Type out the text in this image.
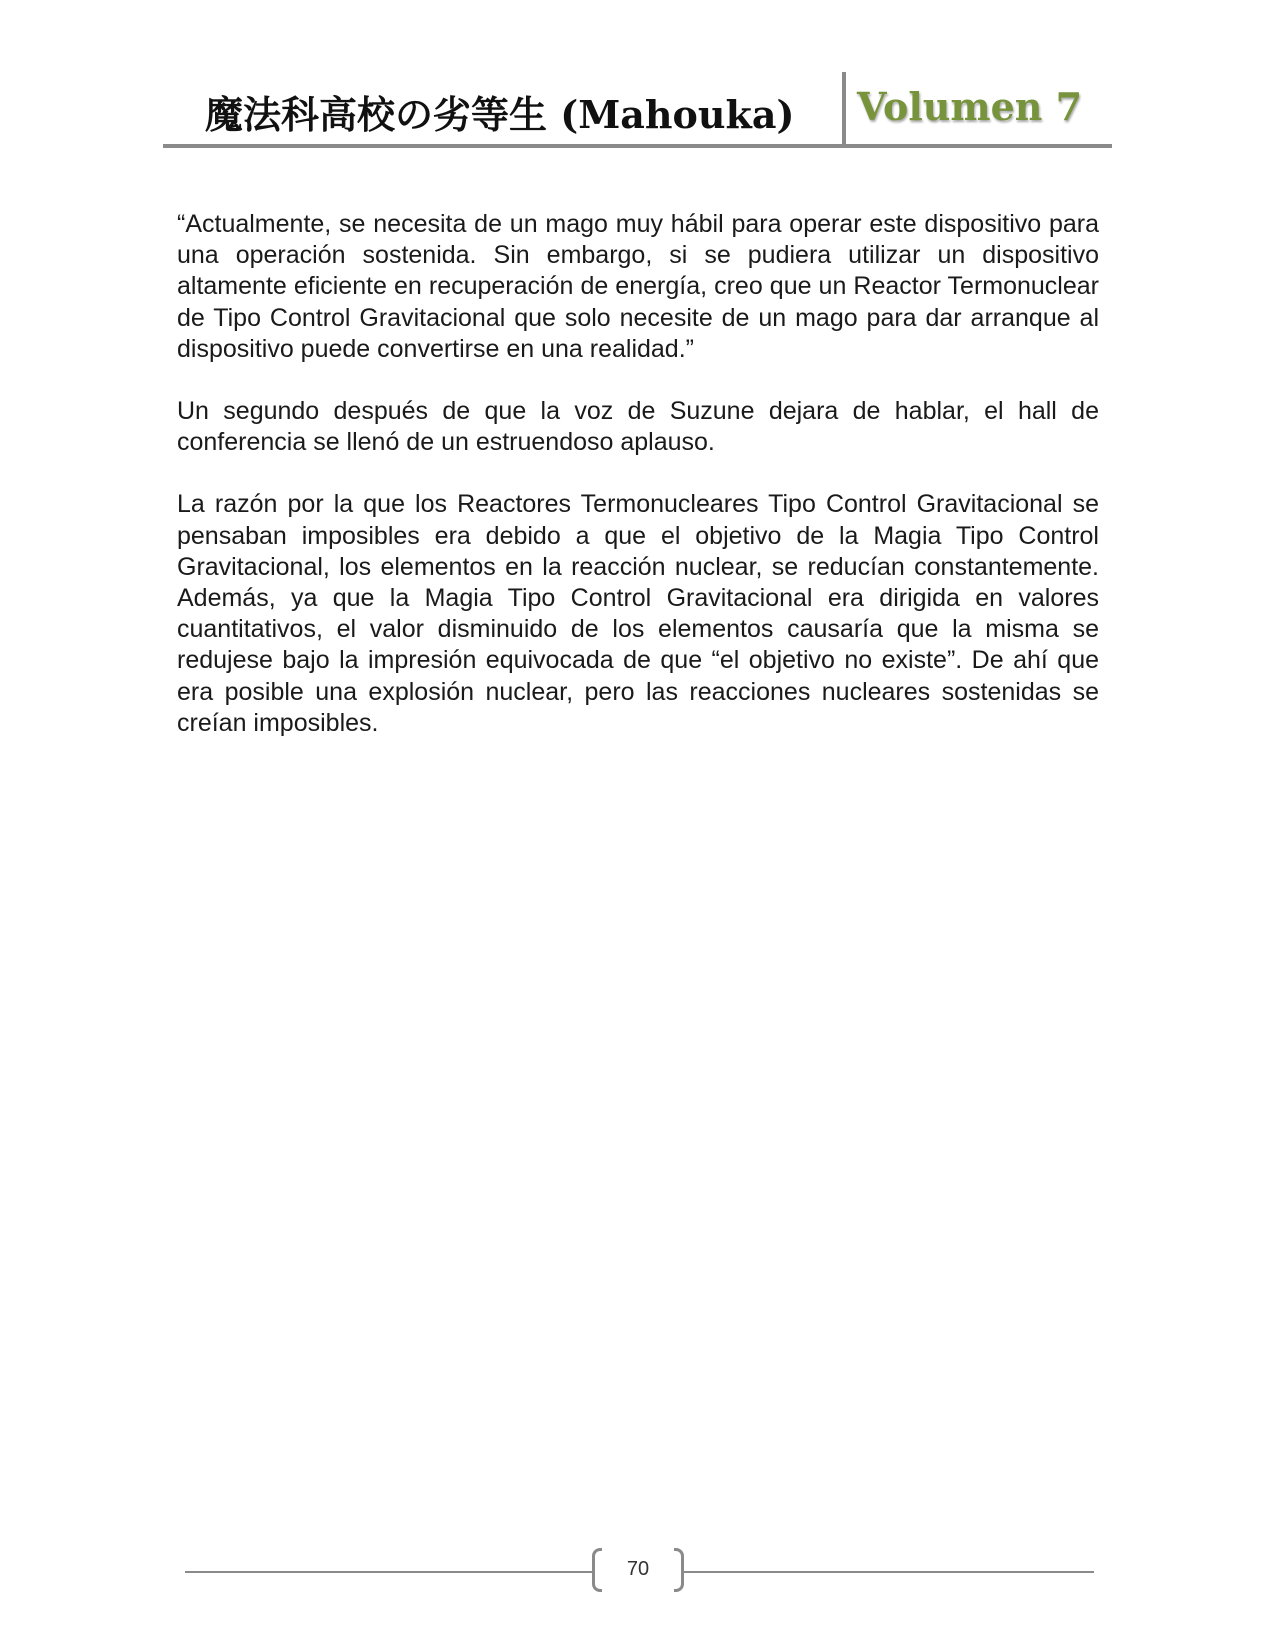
魔法科高校の劣等生 (Mahouka) Volumen 7

“Actualmente, se necesita de un mago muy hábil para operar este dispositivo para una operación sostenida. Sin embargo, si se pudiera utilizar un dispositivo altamente eficiente en recuperación de energía, creo que un Reactor Termonuclear de Tipo Control Gravitacional que solo necesite de un mago para dar arranque al dispositivo puede convertirse en una realidad.”

Un segundo después de que la voz de Suzune dejara de hablar, el hall de conferencia se llenó de un estruendoso aplauso.

La razón por la que los Reactores Termonucleares Tipo Control Gravitacional se pensaban imposibles era debido a que el objetivo de la Magia Tipo Control Gravitacional, los elementos en la reacción nuclear, se reducían constantemente. Además, ya que la Magia Tipo Control Gravitacional era dirigida en valores cuantitativos, el valor disminuido de los elementos causaría que la misma se redujese bajo la impresión equivocada de que “el objetivo no existe”. De ahí que era posible una explosión nuclear, pero las reacciones nucleares sostenidas se creían imposibles.

70
